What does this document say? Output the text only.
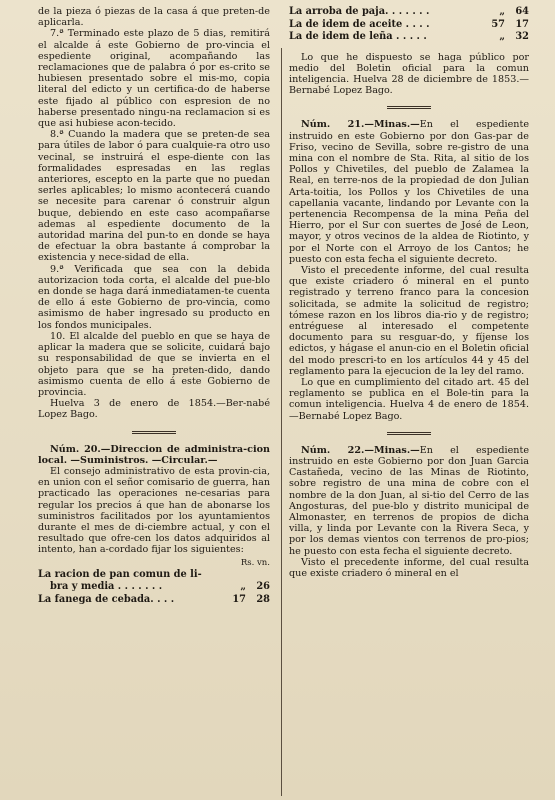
de la pieza ó piezas de la casa á que preten-de aplicarla.

7.ª Terminado este plazo de 5 dias, remitirá el alcalde á este Gobierno de pro-vincia el espediente original, acompañando las reclamaciones que de palabra ó por es-crito se hubiesen presentado sobre el mis-mo, copia literal del edicto y un certifica-do de haberse este fijado al público con espresion de no haberse presentado ningu-na reclamacion si es que asi hubiese acon-tecido.

8.ª Cuando la madera que se preten-de sea para útiles de labor ó para cualquie-ra otro uso vecinal, se instruirá el espe-diente con las formalidades espresadas en las reglas anteriores, escepto en la parte que no puedan serles aplicables; lo mismo acontecerá cuando se necesite para carenar ó construir algun buque, debiendo en este caso acompañarse ademas al espediente documento de la autoridad marina del pun-to en donde se haya de efectuar la obra bastante á comprobar la existencia y nece-sidad de ella.

9.ª Verificada que sea con la debida autorizacion toda corta, el alcalde del pue-blo en donde se haga dará inmediatamen-te cuenta de ello á este Gobierno de pro-vincia, como asimismo de haber ingresado su producto en los fondos municipales.

10. El alcalde del pueblo en que se haya de aplicar la madera que se solicite, cuidará bajo su responsabilidad de que se invierta en el objeto para que se ha preten-dido, dando asimismo cuenta de ello á este Gobierno de provincia.

Huelva 3 de enero de 1854.—Ber-nabé Lopez Bago.

Núm. 20.—Direccion de administra-cion local. —Suministros. —Circular.—

El consejo administrativo de esta provin-cia, en union con el señor comisario de guerra, han practicado las operaciones ne-cesarias para regular los precios á que han de abonarse los suministros facilitados por los ayuntamientos durante el mes de di-ciembre actual, y con el resultado que ofre-cen los datos adquiridos al intento, han a-cordado fijar los siguientes:

Rs. vn.
La racion de pan comun de li-
bra y media . . . . . . .	„	26
La fanega de cebada. . . .	17	28
La arroba de paja. . . . . . .	„	64
La de idem de aceite . . . .	57	17
La de idem de leña . . . . .	„	32

Lo que he dispuesto se haga público por medio del Boletin oficial para la comun inteligencia. Huelva 28 de diciembre de 1853.—Bernabé Lopez Bago.

Núm. 21.—Minas.—En el espediente instruido en este Gobierno por don Gas-par de Friso, vecino de Sevilla, sobre re-gistro de una mina con el nombre de Sta. Rita, al sitio de los Pollos y Chivetiles, del pueblo de Zalamea la Real, en terre-nos de la propiedad de don Julian Arta-toitia, los Pollos y los Chivetiles de una capellania vacante, lindando por Levante con la pertenencia Recompensa de la mina Peña del Hierro, por el Sur con suertes de José de Leon, mayor, y otros vecinos de la aldea de Riotinto, y por el Norte con el Arroyo de los Cantos; he puesto con esta fecha el siguiente decreto.

Visto el precedente informe, del cual resulta que existe criadero ó mineral en el punto registrado y terreno franco para la concesion solicitada, se admite la solicitud de registro; tómese razon en los libros dia-rio y de registro; entréguese al interesado el competente documento para su resguar-do, y fíjense los edictos, y hágase el anun-cio en el Boletin oficial del modo prescri-to en los artículos 44 y 45 del reglamento para la ejecucion de la ley del ramo.

Lo que en cumplimiento del citado art. 45 del reglamento se publica en el Bole-tin para la comun inteligencia. Huelva 4 de enero de 1854.—Bernabé Lopez Bago.

Núm. 22.—Minas.—En el espediente instruido en este Gobierno por don Juan Garcia Castañeda, vecino de las Minas de Riotinto, sobre registro de una mina de cobre con el nombre de la don Juan, al si-tio del Cerro de las Angosturas, del pue-blo y distrito municipal de Almonaster, en terrenos de propios de dicha villa, y linda por Levante con la Rivera Seca, y por los demas vientos con terrenos de pro-pios; he puesto con esta fecha el siguiente decreto.

Visto el precedente informe, del cual resulta que existe criadero ó mineral en el
